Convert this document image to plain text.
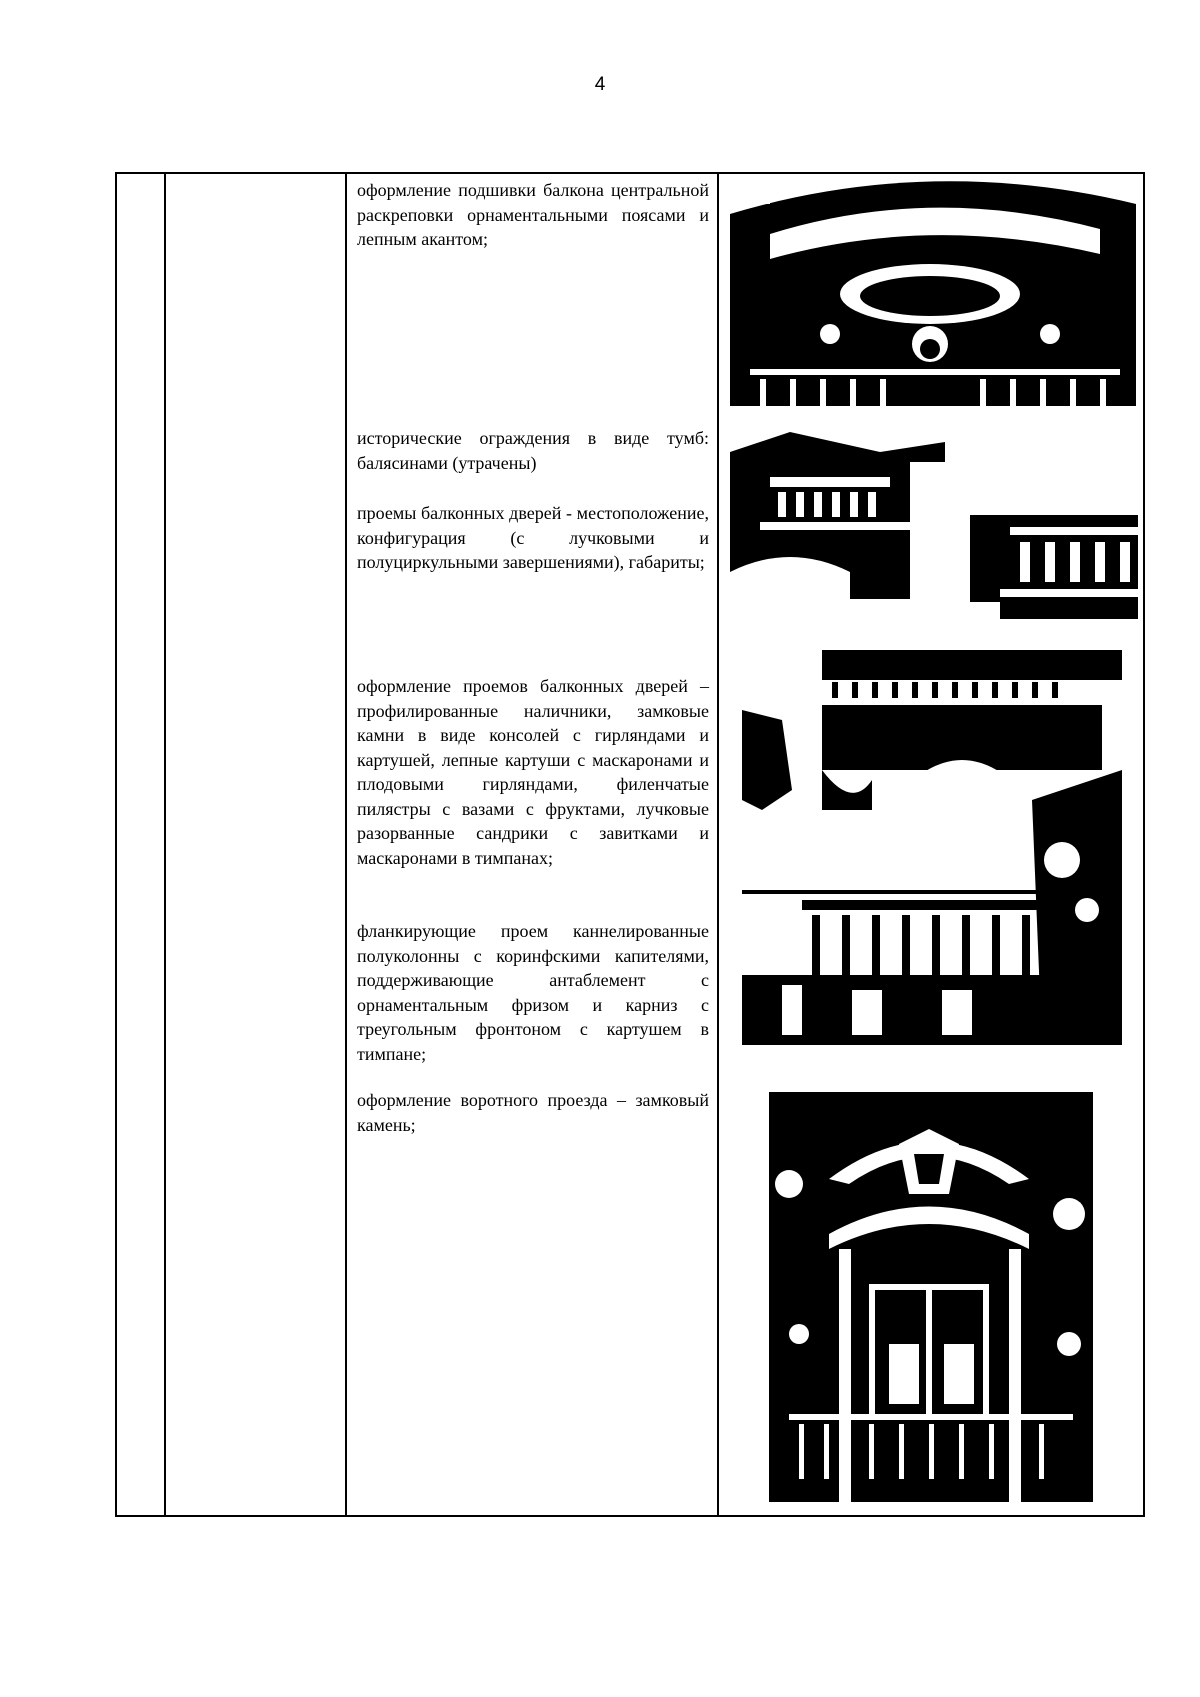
4

оформление подшивки балкона центральной раскреповки орнаментальными поясами и лепным акантом;

исторические ограждения в виде тумб: балясинами (утрачены)

проемы балконных дверей - местоположение, конфигурация (с лучковыми и полуциркульными завершениями), габариты;

оформление проемов балконных дверей – профилированные наличники, замковые камни в виде консолей с гирляндами и картушей, лепные картуши с маскаронами и плодовыми гирляндами, филенчатые пилястры с вазами с фруктами, лучковые разорванные сандрики с завитками и маскаронами в тимпанах;

фланкирующие проем каннелированные полуколонны с коринфскими капителями, поддерживающие антаблемент с орнаментальным фризом и карниз с треугольным фронтоном с картушем в тимпане;

оформление воротного проезда – замковый камень;
